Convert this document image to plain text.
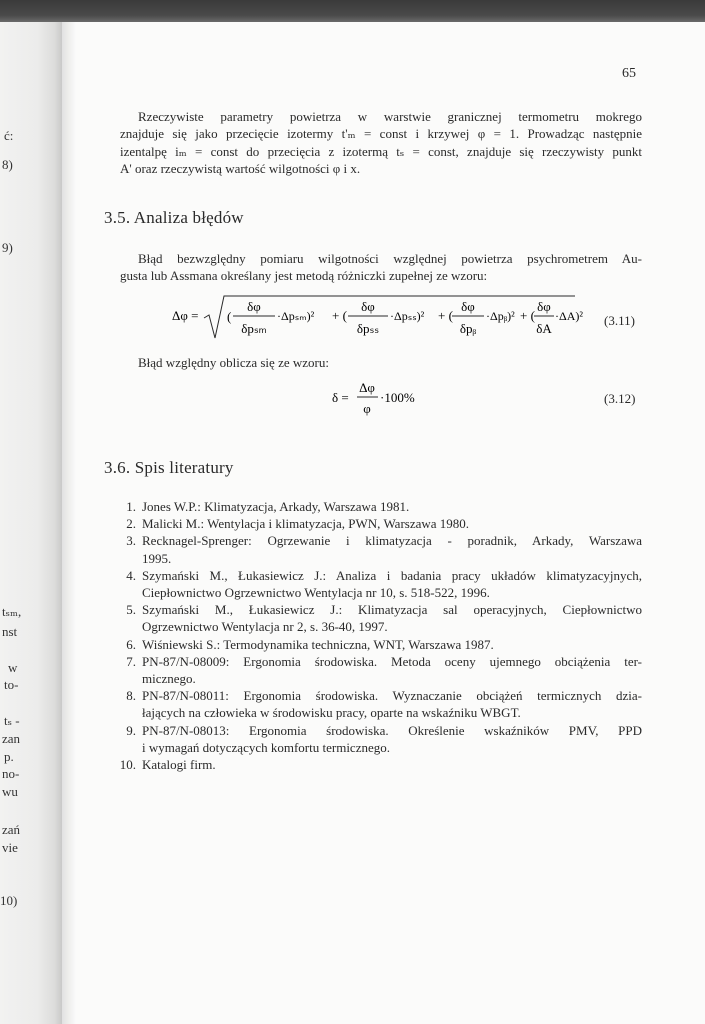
ć:
8)
9)
tₛₘ,
nst
w
to-
tₛ -
zan
p.
no-
wu
zań
vie
10)
65
Rzeczywiste parametry powietrza w warstwie granicznej termometru mokrego
znajduje się jako przecięcie izotermy t'ₘ = const i krzywej φ = 1. Prowadząc następnie
izentalpę iₘ = const do przecięcia z izotermą tₛ = const, znajduje się rzeczywisty punkt
A' oraz rzeczywistą wartość wilgotności φ i x.
3.5. Analiza błędów
Błąd bezwzględny pomiaru wilgotności względnej powietrza psychrometrem Au-
gusta lub Assmana określany jest metodą różniczki zupełnej ze wzoru:
Δφ = (
δφ
δpₛₘ
·Δpₛₘ)² + (
δφ
δpₛₛ
·Δpₛₛ)² + (
δφ
δpᵦ
·Δpᵦ)² + (
δφ
δA
·ΔA)² (3.11)
Błąd względny oblicza się ze wzoru:
δ =
Δφ
φ
·100%	(3.12)
3.6. Spis literatury
1. Jones W.P.: Klimatyzacja, Arkady, Warszawa 1981.
2. Malicki M.: Wentylacja i klimatyzacja, PWN, Warszawa 1980.
3. Recknagel-Sprenger: Ogrzewanie i klimatyzacja - poradnik, Arkady, Warszawa
1995.
4. Szymański M., Łukasiewicz J.: Analiza i badania pracy układów klimatyzacyjnych,
Ciepłownictwo Ogrzewnictwo Wentylacja nr 10, s. 518-522, 1996.
5. Szymański M., Łukasiewicz J.: Klimatyzacja sal operacyjnych, Ciepłownictwo
Ogrzewnictwo Wentylacja nr 2, s. 36-40, 1997.
6. Wiśniewski S.: Termodynamika techniczna, WNT, Warszawa 1987.
7. PN-87/N-08009: Ergonomia środowiska. Metoda oceny ujemnego obciążenia ter-
micznego.
8. PN-87/N-08011: Ergonomia środowiska. Wyznaczanie obciążeń termicznych dzia-
łających na człowieka w środowisku pracy, oparte na wskaźniku WBGT.
9. PN-87/N-08013: Ergonomia środowiska. Określenie wskaźników PMV, PPD
i wymagań dotyczących komfortu termicznego.
10. Katalogi firm.
